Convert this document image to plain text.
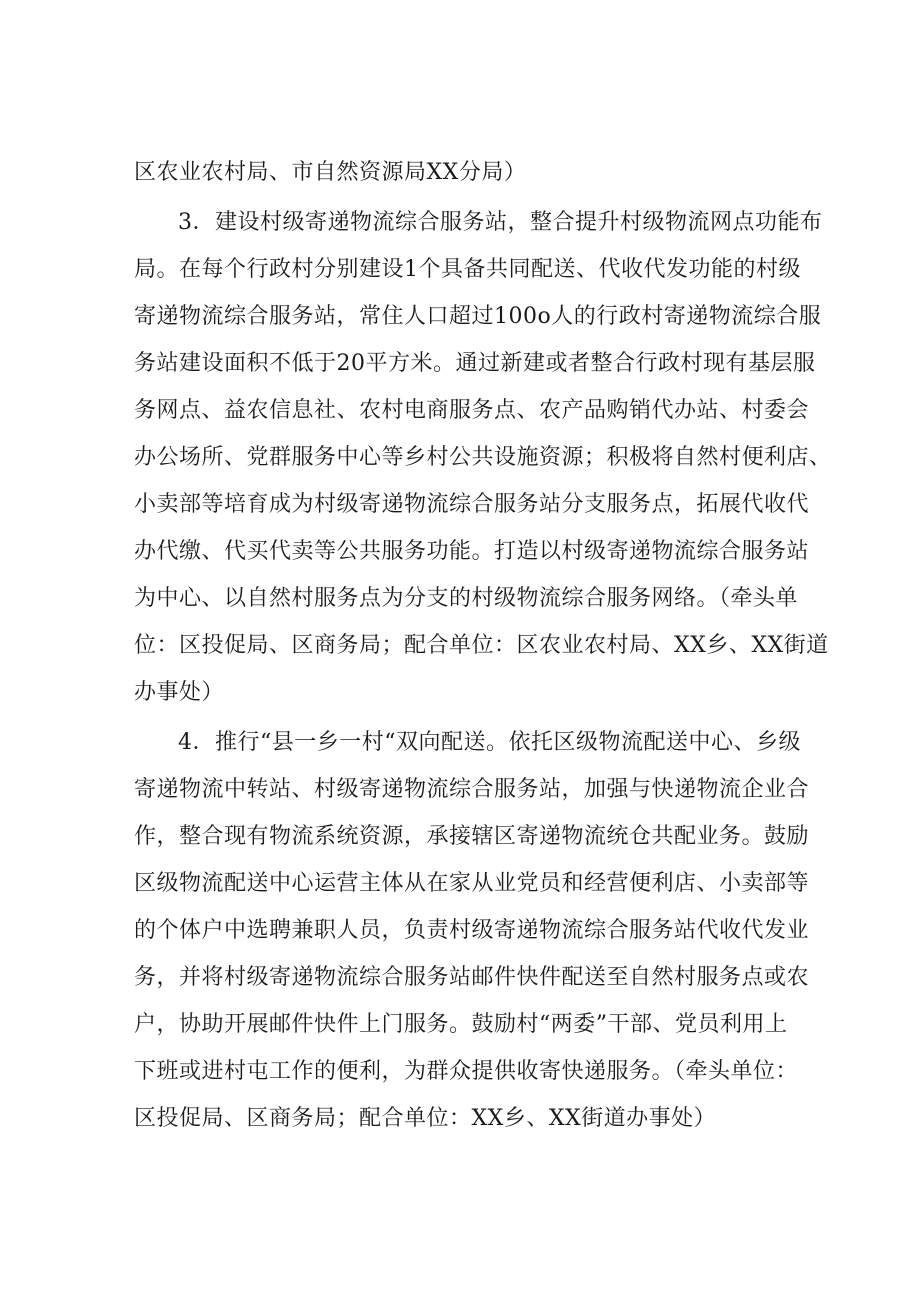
区农业农村局、市自然资源局XX分局）

3．建设村级寄递物流综合服务站，整合提升村级物流网点功能布

局。在每个行政村分别建设1个具备共同配送、代收代发功能的村级

寄递物流综合服务站，常住人口超过100o人的行政村寄递物流综合服

务站建设面积不低于20平方米。通过新建或者整合行政村现有基层服

务网点、益农信息社、农村电商服务点、农产品购销代办站、村委会

办公场所、党群服务中心等乡村公共设施资源；积极将自然村便利店、

小卖部等培育成为村级寄递物流综合服务站分支服务点，拓展代收代

办代缴、代买代卖等公共服务功能。打造以村级寄递物流综合服务站

为中心、以自然村服务点为分支的村级物流综合服务网络。（牵头单

位：区投促局、区商务局；配合单位：区农业农村局、XX乡、XX街道

办事处）

4．推行“县一乡一村“双向配送。依托区级物流配送中心、乡级

寄递物流中转站、村级寄递物流综合服务站，加强与快递物流企业合

作，整合现有物流系统资源，承接辖区寄递物流统仓共配业务。鼓励

区级物流配送中心运营主体从在家从业党员和经营便利店、小卖部等

的个体户中选聘兼职人员，负责村级寄递物流综合服务站代收代发业

务，并将村级寄递物流综合服务站邮件快件配送至自然村服务点或农

户，协助开展邮件快件上门服务。鼓励村“两委”干部、党员利用上

下班或进村屯工作的便利，为群众提供收寄快递服务。（牵头单位：

区投促局、区商务局；配合单位：XX乡、XX街道办事处）
